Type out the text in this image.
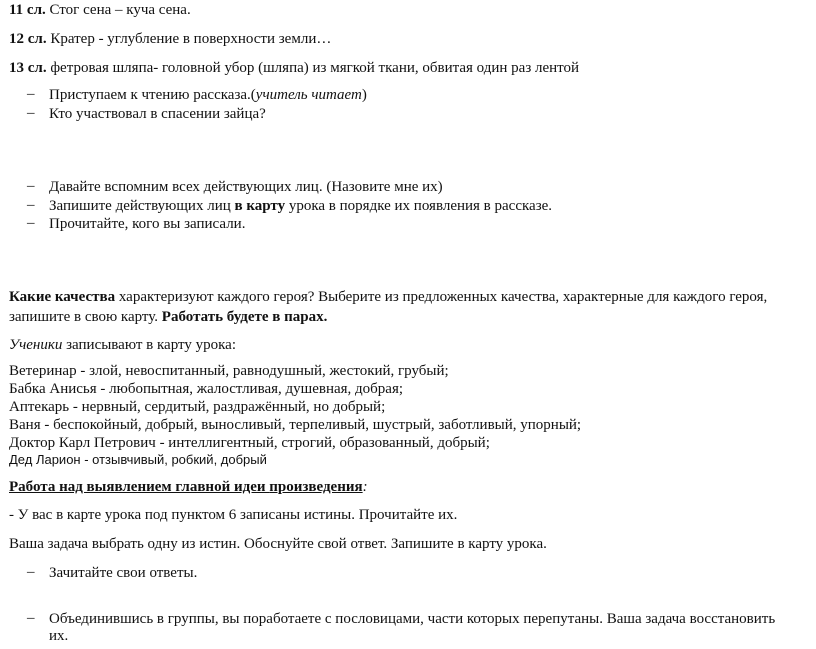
11 сл. Стог сена – куча сена.
12 сл. Кратер - углубление в поверхности земли…
13 сл. фетровая шляпа- головной убор (шляпа) из мягкой ткани, обвитая один раз лентой
– Приступаем к чтению рассказа.(учитель читает)
– Кто участвовал в спасении зайца?
– Давайте вспомним всех действующих лиц. (Назовите мне их)
– Запишите действующих лиц в карту урока в порядке их появления в рассказе.
– Прочитайте, кого вы записали.
Какие качества характеризуют каждого героя? Выберите из предложенных качества, характерные для каждого героя,
запишите в свою карту. Работать будете в парах.
Ученики записывают в карту урока:
Ветеринар - злой, невоспитанный, равнодушный, жестокий, грубый;
Бабка Анисья - любопытная, жалостливая, душевная, добрая;
Аптекарь - нервный, сердитый, раздражённый, но добрый;
Ваня - беспокойный, добрый, выносливый, терпеливый, шустрый, заботливый, упорный;
Доктор Карл Петрович - интеллигентный, строгий, образованный, добрый;
Дед Ларион - отзывчивый, робкий, добрый
Работа над выявлением главной идеи произведения:
- У вас в карте урока под пунктом 6 записаны истины. Прочитайте их.
Ваша задача выбрать одну из истин. Обоснуйте свой ответ. Запишите в карту урока.
– Зачитайте свои ответы.
– Объединившись в группы, вы поработаете с пословицами, части которых перепутаны. Ваша задача восстановить
их.
